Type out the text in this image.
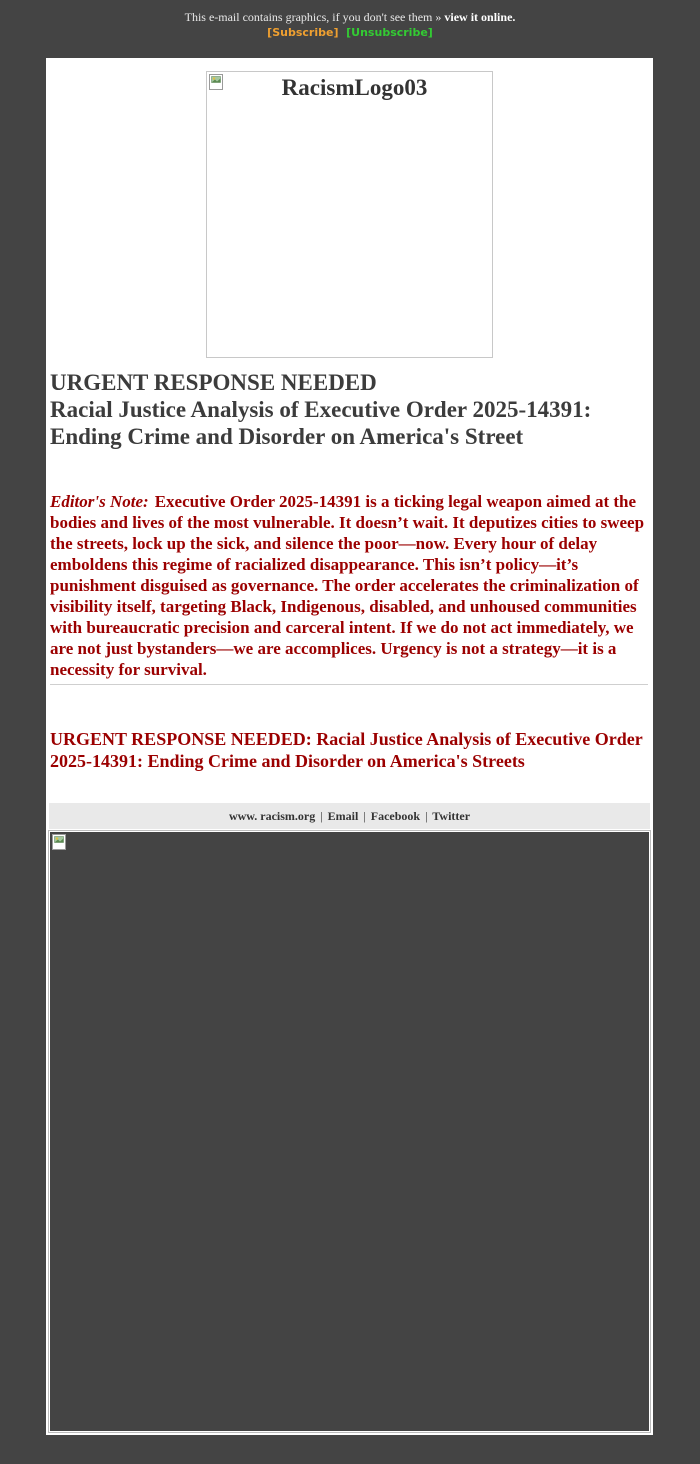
This e-mail contains graphics, if you don't see them » view it online.
[Subscribe] [Unsubscribe]
RacismLogo03
URGENT RESPONSE NEEDED
Racial Justice Analysis of Executive Order 2025-14391: Ending Crime and Disorder on America's Street
Editor's Note: Executive Order 2025-14391 is a ticking legal weapon aimed at the bodies and lives of the most vulnerable. It doesn’t wait. It deputizes cities to sweep the streets, lock up the sick, and silence the poor—now. Every hour of delay emboldens this regime of racialized disappearance. This isn’t policy—it’s punishment disguised as governance. The order accelerates the criminalization of visibility itself, targeting Black, Indigenous, disabled, and unhoused communities with bureaucratic precision and carceral intent. If we do not act immediately, we are not just bystanders—we are accomplices. Urgency is not a strategy—it is a necessity for survival.
URGENT RESPONSE NEEDED: Racial Justice Analysis of Executive Order 2025-14391: Ending Crime and Disorder on America's Streets
www. racism.org | Email | Facebook | Twitter
